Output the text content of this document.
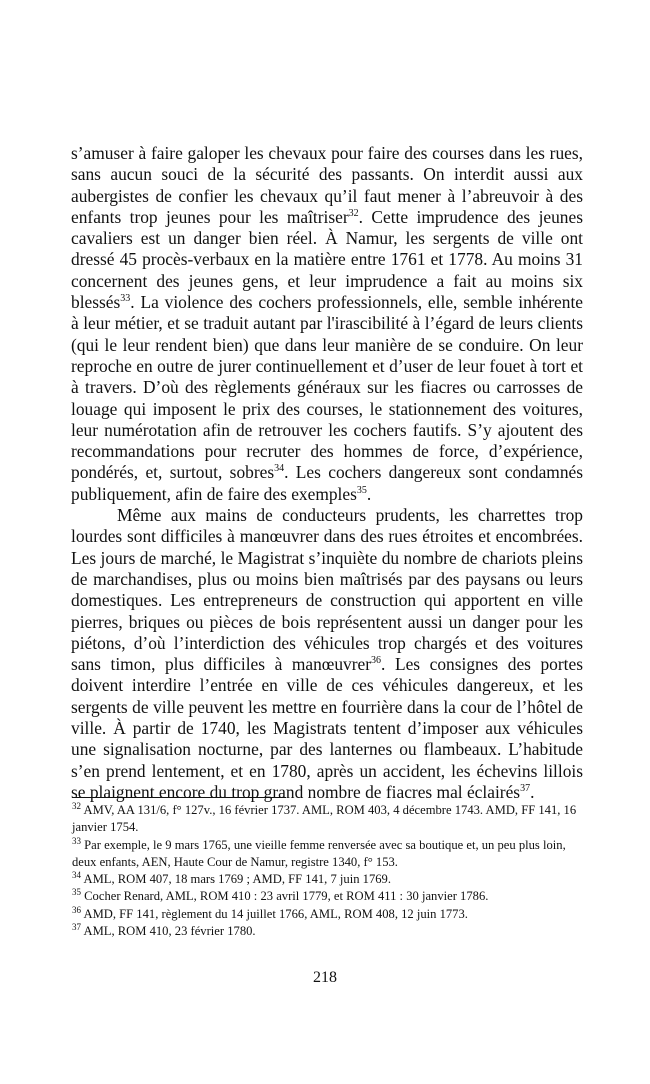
s’amuser à faire galoper les chevaux pour faire des courses dans les rues, sans aucun souci de la sécurité des passants. On interdit aussi aux aubergistes de confier les chevaux qu’il faut mener à l’abreuvoir à des enfants trop jeunes pour les maîtriser$^{32}$. Cette imprudence des jeunes cavaliers est un danger bien réel. À Namur, les sergents de ville ont dressé 45 procès-verbaux en la matière entre 1761 et 1778. Au moins 31 concernent des jeunes gens, et leur imprudence a fait au moins six blessés$^{33}$. La violence des cochers professionnels, elle, semble inhérente à leur métier, et se traduit autant par l'irascibilité à l’égard de leurs clients (qui le leur rendent bien) que dans leur manière de se conduire. On leur reproche en outre de jurer continuellement et d’user de leur fouet à tort et à travers. D’où des règlements généraux sur les fiacres ou carrosses de louage qui imposent le prix des courses, le stationnement des voitures, leur numérotation afin de retrouver les cochers fautifs. S’y ajoutent des recommandations pour recruter des hommes de force, d’expérience, pondérés, et, surtout, sobres$^{34}$. Les cochers dangereux sont condamnés publiquement, afin de faire des exemples$^{35}$.

Même aux mains de conducteurs prudents, les charrettes trop lourdes sont difficiles à manœuvrer dans des rues étroites et encombrées. Les jours de marché, le Magistrat s’inquiète du nombre de chariots pleins de marchandises, plus ou moins bien maîtrisés par des paysans ou leurs domestiques. Les entrepreneurs de construction qui apportent en ville pierres, briques ou pièces de bois représentent aussi un danger pour les piétons, d’où l’interdiction des véhicules trop chargés et des voitures sans timon, plus difficiles à manœuvrer$^{36}$. Les consignes des portes doivent interdire l’entrée en ville de ces véhicules dangereux, et les sergents de ville peuvent les mettre en fourrière dans la cour de l’hôtel de ville. À partir de 1740, les Magistrats tentent d’imposer aux véhicules une signalisation nocturne, par des lanternes ou flambeaux. L’habitude s’en prend lentement, et en 1780, après un accident, les échevins lillois se plaignent encore du trop grand nombre de fiacres mal éclairés$^{37}$.

$^{32}$ AMV, AA 131/6, f° 127v., 16 février 1737. AML, ROM 403, 4 décembre 1743. AMD, FF 141, 16 janvier 1754.

$^{33}$ Par exemple, le 9 mars 1765, une vieille femme renversée avec sa boutique et, un peu plus loin, deux enfants, AEN, Haute Cour de Namur, registre 1340, f° 153.

$^{34}$ AML, ROM 407, 18 mars 1769 ; AMD, FF 141, 7 juin 1769.

$^{35}$ Cocher Renard, AML, ROM 410 : 23 avril 1779, et ROM 411 : 30 janvier 1786.

$^{36}$ AMD, FF 141, règlement du 14 juillet 1766, AML, ROM 408, 12 juin 1773.

$^{37}$ AML, ROM 410, 23 février 1780.

218
